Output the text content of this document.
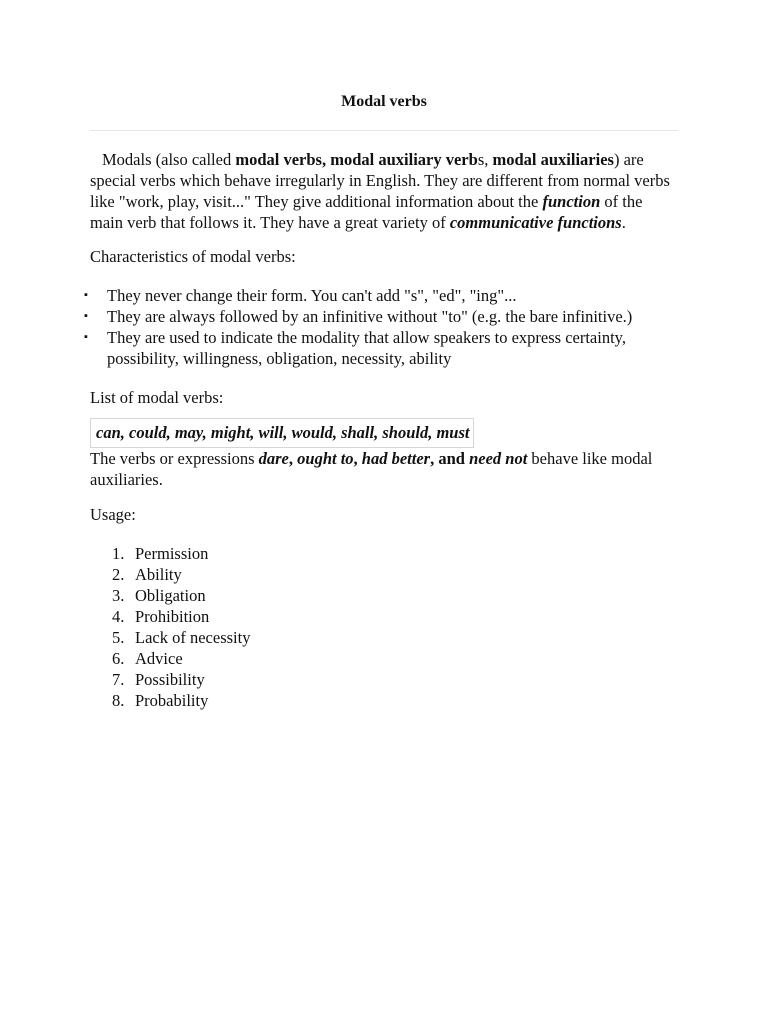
Modal verbs

Modals (also called modal verbs, modal auxiliary verbs, modal auxiliaries) are special verbs which behave irregularly in English. They are different from normal verbs like "work, play, visit..." They give additional information about the function of the main verb that follows it. They have a great variety of communicative functions.

Characteristics of modal verbs:

▪ They never change their form. You can't add "s", "ed", "ing"...
▪ They are always followed by an infinitive without "to" (e.g. the bare infinitive.)
▪ They are used to indicate the modality that allow speakers to express certainty, possibility, willingness, obligation, necessity, ability

List of modal verbs:

can, could, may, might, will, would, shall, should, must

The verbs or expressions dare, ought to, had better, and need not behave like modal auxiliaries.

Usage:

1. Permission
2. Ability
3. Obligation
4. Prohibition
5. Lack of necessity
6. Advice
7. Possibility
8. Probability
